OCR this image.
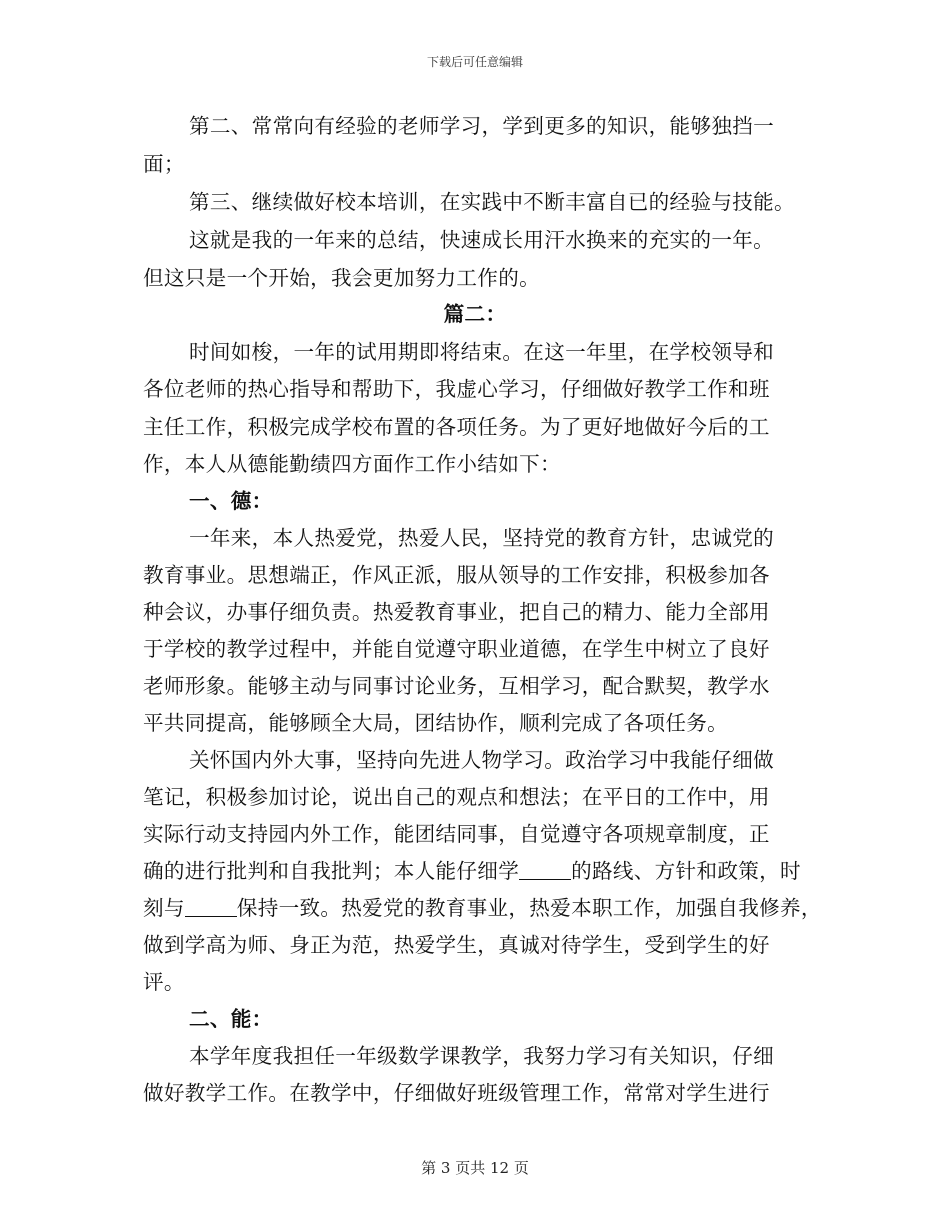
下载后可任意编辑
第二、常常向有经验的老师学习，学到更多的知识，能够独挡一
面；
第三、继续做好校本培训，在实践中不断丰富自已的经验与技能。
这就是我的一年来的总结，快速成长用汗水换来的充实的一年。
但这只是一个开始，我会更加努力工作的。
篇二：
时间如梭，一年的试用期即将结束。在这一年里，在学校领导和
各位老师的热心指导和帮助下，我虚心学习，仔细做好教学工作和班
主任工作，积极完成学校布置的各项任务。为了更好地做好今后的工
作，本人从德能勤绩四方面作工作小结如下：
一、德：
一年来，本人热爱党，热爱人民，坚持党的教育方针，忠诚党的
教育事业。思想端正，作风正派，服从领导的工作安排，积极参加各
种会议，办事仔细负责。热爱教育事业，把自己的精力、能力全部用
于学校的教学过程中，并能自觉遵守职业道德，在学生中树立了良好
老师形象。能够主动与同事讨论业务，互相学习，配合默契，教学水
平共同提高，能够顾全大局，团结协作，顺利完成了各项任务。
关怀国内外大事，坚持向先进人物学习。政治学习中我能仔细做
笔记，积极参加讨论，说出自己的观点和想法；在平日的工作中，用
实际行动支持园内外工作，能团结同事，自觉遵守各项规章制度，正
确的进行批判和自我批判；本人能仔细学	的路线、方针和政策，时
刻与	保持一致。热爱党的教育事业，热爱本职工作，加强自我修养，
做到学高为师、身正为范，热爱学生，真诚对待学生，受到学生的好
评。
二、能：
本学年度我担任一年级数学课教学，我努力学习有关知识，仔细
做好教学工作。在教学中，仔细做好班级管理工作，常常对学生进行
第 3 页共 12 页
